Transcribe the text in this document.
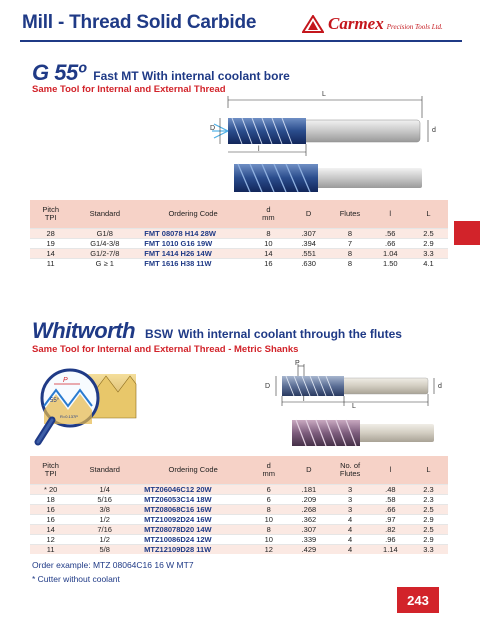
Mill - Thread Solid Carbide	Carmex Precision Tools Ltd.
G 55º Fast MT With internal coolant bore
Same Tool for Internal and External Thread	L
D	d
l
Pitch
TPI	Standard	Ordering Code	d
mm	D	Flutes	l	L
28	G1/8	FMT 08078 H14 28W	8	.307	8	.56	2.5
19	G1/4-3/8	FMT 1010 G16 19W	10	.394	7	.66	2.9
14	G1/2-7/8	FMT 1414 H26 14W	14	.551	8	1.04	3.3
11	G ≥ 1	FMT 1616 H38 11W	16	.630	8	1.50	4.1
Whitworth BSW With internal coolant through the flutes
Same Tool for Internal and External Thread - Metric Shanks
P
55°
R=0.137P
P
D	d
l
L
Pitch
TPI	Standard	Ordering Code	d
mm	D	No. of
Flutes	l	L
* 20	1/4	MTZ06046C12 20W	6	.181	3	.48	2.3
18	5/16	MTZ06053C14 18W	6	.209	3	.58	2.3
16	3/8	MTZ08068C16 16W	8	.268	3	.66	2.5
16	1/2	MTZ10092D24 16W	10	.362	4	.97	2.9
14	7/16	MTZ08078D20 14W	8	.307	4	.82	2.5
12	1/2	MTZ10086D24 12W	10	.339	4	.96	2.9
11	5/8	MTZ12109D28 11W	12	.429	4	1.14	3.3
Order example: MTZ 08064C16 16 W MT7
* Cutter without coolant
243
